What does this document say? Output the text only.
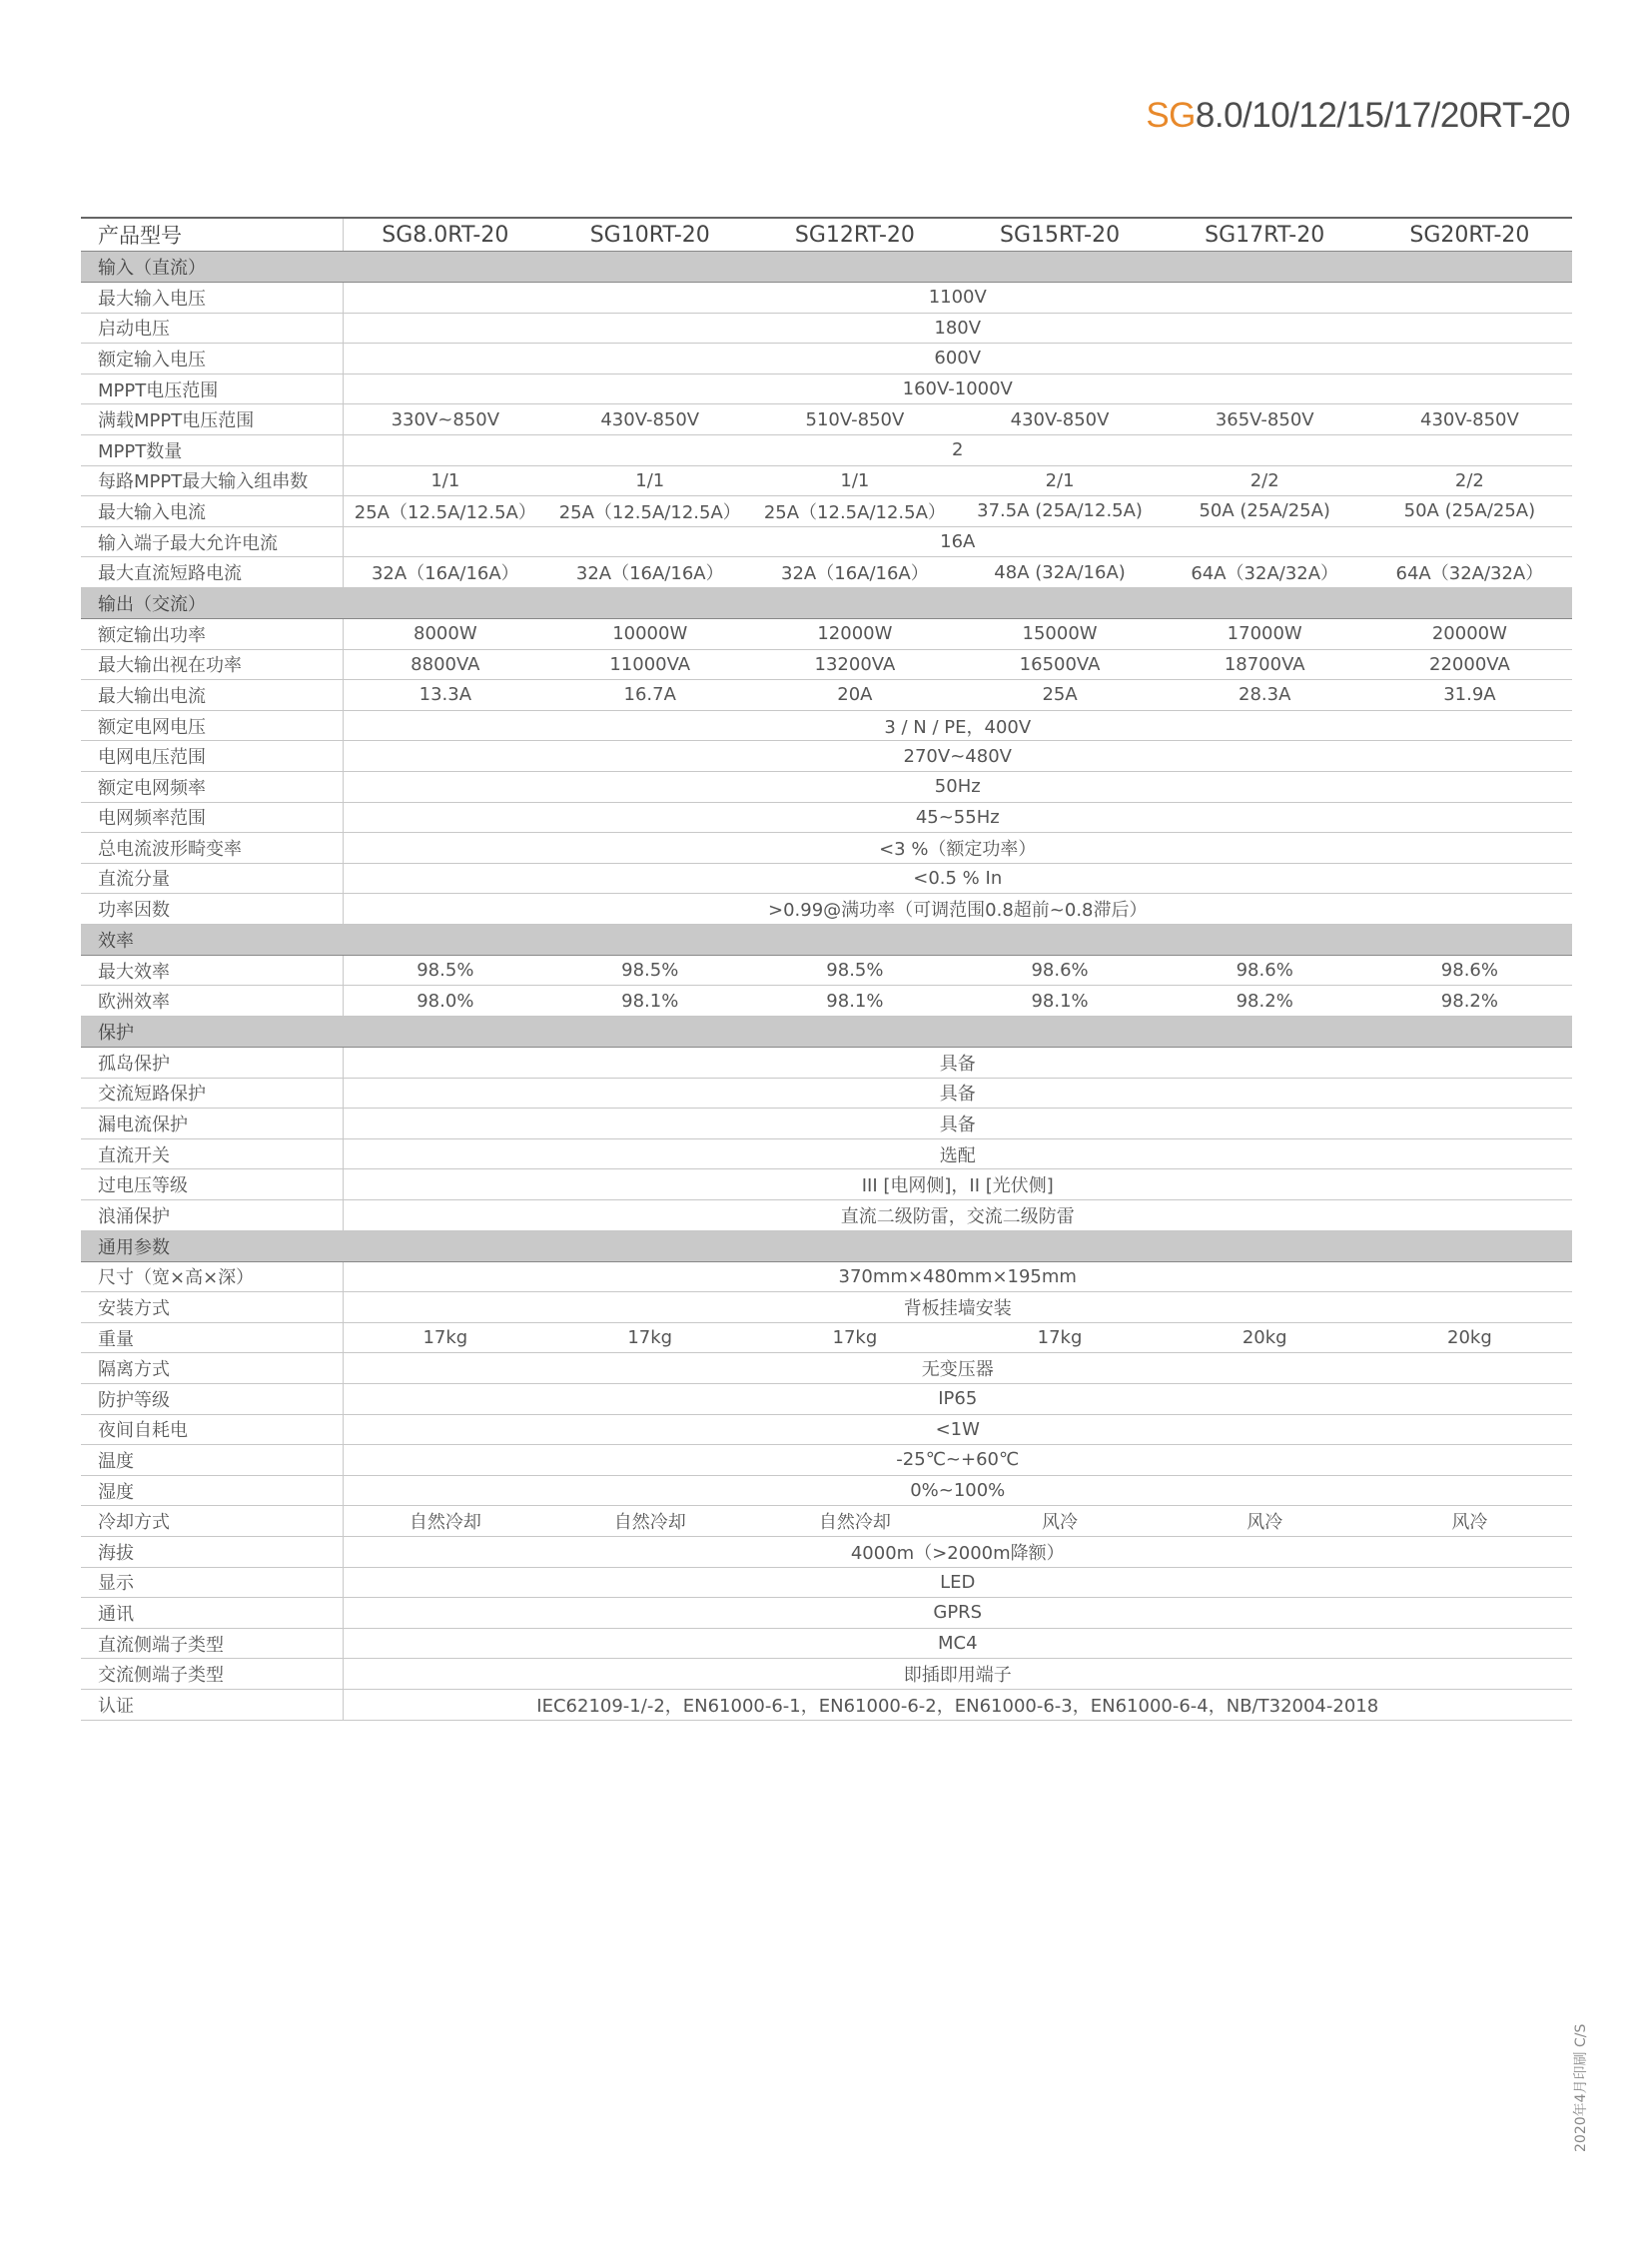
SG8.0/10/12/15/17/20RT-20
产品型号	SG8.0RT-20	SG10RT-20	SG12RT-20	SG15RT-20	SG17RT-20	SG20RT-20
输入（直流）						
最大输入电压	1100V					
启动电压	180V					
额定输入电压	600V					
MPPT电压范围	160V-1000V					
满载MPPT电压范围	330V~850V	430V-850V	510V-850V	430V-850V	365V-850V	430V-850V
MPPT数量	2					
每路MPPT最大输入组串数	1/1	1/1	1/1	2/1	2/2	2/2
最大输入电流	25A（12.5A/12.5A）	25A（12.5A/12.5A）	25A（12.5A/12.5A）	37.5A (25A/12.5A)	50A (25A/25A)	50A (25A/25A)
输入端子最大允许电流	16A					
最大直流短路电流	32A（16A/16A）	32A（16A/16A）	32A（16A/16A）	48A (32A/16A)	64A（32A/32A）	64A（32A/32A）
输出（交流）						
额定输出功率	8000W	10000W	12000W	15000W	17000W	20000W
最大输出视在功率	8800VA	11000VA	13200VA	16500VA	18700VA	22000VA
最大输出电流	13.3A	16.7A	20A	25A	28.3A	31.9A
额定电网电压	3 / N / PE，400V					
电网电压范围	270V~480V					
额定电网频率	50Hz					
电网频率范围	45~55Hz					
总电流波形畸变率	<3 %（额定功率）					
直流分量	<0.5 % In					
功率因数	>0.99@满功率（可调范围0.8超前~0.8滞后）					
效率						
最大效率	98.5%	98.5%	98.5%	98.6%	98.6%	98.6%
欧洲效率	98.0%	98.1%	98.1%	98.1%	98.2%	98.2%
保护						
孤岛保护	具备					
交流短路保护	具备					
漏电流保护	具备					
直流开关	选配					
过电压等级	III [电网侧]，II [光伏侧]					
浪涌保护	直流二级防雷，交流二级防雷					
通用参数						
尺寸（宽×高×深）	370mm×480mm×195mm					
安装方式	背板挂墙安装					
重量	17kg	17kg	17kg	17kg	20kg	20kg
隔离方式	无变压器					
防护等级	IP65					
夜间自耗电	<1W					
温度	-25℃~+60℃					
湿度	0%~100%					
冷却方式	自然冷却	自然冷却	自然冷却	风冷	风冷	风冷
海拔	4000m（>2000m降额）					
显示	LED					
通讯	GPRS					
直流侧端子类型	MC4					
交流侧端子类型	即插即用端子					
认证	IEC62109-1/-2，EN61000-6-1，EN61000-6-2，EN61000-6-3，EN61000-6-4，NB/T32004-2018					
2020年4月印刷 C/S
